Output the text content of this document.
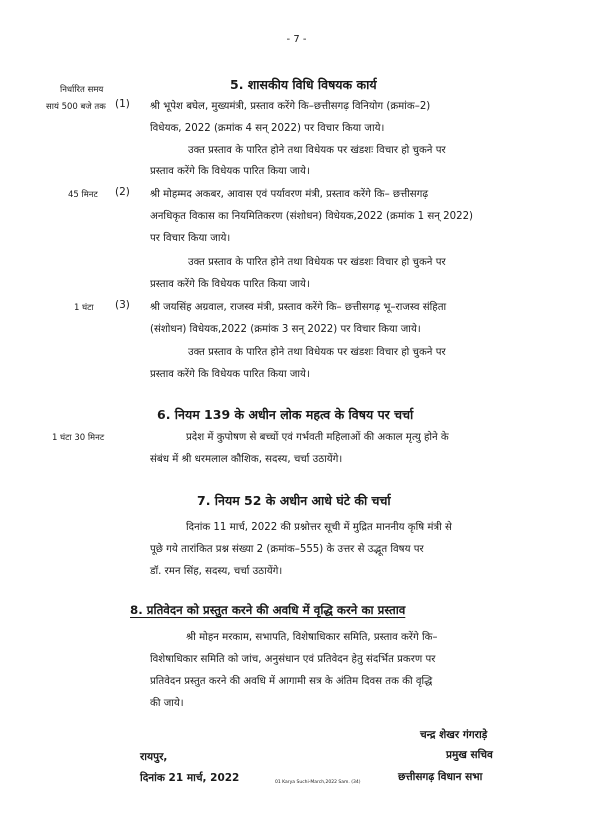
- 7 -
निर्धारित समय	5. शासकीय विधि विषयक कार्य
सायं 500 बजे तक (1) श्री भूपेश बघेल, मुख्यमंत्री, प्रस्ताव करेंगे कि–छत्तीसगढ़ विनियोग (क्रमांक–2)
विधेयक, 2022 (क्रमांक 4 सन् 2022) पर विचार किया जाये।
उक्त प्रस्ताव के पारित होने तथा विधेयक पर खंडशः विचार हो चुकने पर
प्रस्ताव करेंगे कि विधेयक पारित किया जाये।
45 मिनट (2) श्री मोहम्मद अकबर, आवास एवं पर्यावरण मंत्री, प्रस्ताव करेंगे कि– छत्तीसगढ़
अनधिकृत विकास का नियमितिकरण (संशोधन) विधेयक,2022 (क्रमांक 1 सन् 2022)
पर विचार किया जाये।
उक्त प्रस्ताव के पारित होने तथा विधेयक पर खंडशः विचार हो चुकने पर
प्रस्ताव करेंगे कि विधेयक पारित किया जाये।
1 घंटा (3) श्री जयसिंह अग्रवाल, राजस्व मंत्री, प्रस्ताव करेंगे कि– छत्तीसगढ़ भू–राजस्व संहिता
(संशोधन) विधेयक,2022 (क्रमांक 3 सन् 2022) पर विचार किया जाये।
उक्त प्रस्ताव के पारित होने तथा विधेयक पर खंडशः विचार हो चुकने पर
प्रस्ताव करेंगे कि विधेयक पारित किया जाये।
6. नियम 139 के अधीन लोक महत्व के विषय पर चर्चा
1 घंटा 30 मिनट	प्रदेश में कुपोषण से बच्चों एवं गर्भवती महिलाओं की अकाल मृत्यु होने के
संबंध में श्री धरमलाल कौशिक, सदस्य, चर्चा उठायेंगे।
7. नियम 52 के अधीन आधे घंटे की चर्चा
दिनांक 11 मार्च, 2022 की प्रश्नोत्तर सूची में मुद्रित माननीय कृषि मंत्री से
पूछे गये तारांकित प्रश्न संख्या 2 (क्रमांक–555) के उत्तर से उद्भूत विषय पर
डॉ. रमन सिंह, सदस्य, चर्चा उठायेंगे।
8. प्रतिवेदन को प्रस्तुत करने की अवधि में वृद्धि करने का प्रस्ताव
श्री मोहन मरकाम, सभापति, विशेषाधिकार समिति, प्रस्ताव करेंगे कि–
विशेषाधिकार समिति को जांच, अनुसंधान एवं प्रतिवेदन हेतु संदर्भित प्रकरण पर
प्रतिवेदन प्रस्तुत करने की अवधि में आगामी सत्र के अंतिम दिवस तक की वृद्धि
की जाये।
चन्द्र शेखर गंगराड़े
प्रमुख सचिव
छत्तीसगढ़ विधान सभा
रायपुर,
दिनांक 21 मार्च, 2022	01 Karya Suchi-March,2022 Sam. (34)
